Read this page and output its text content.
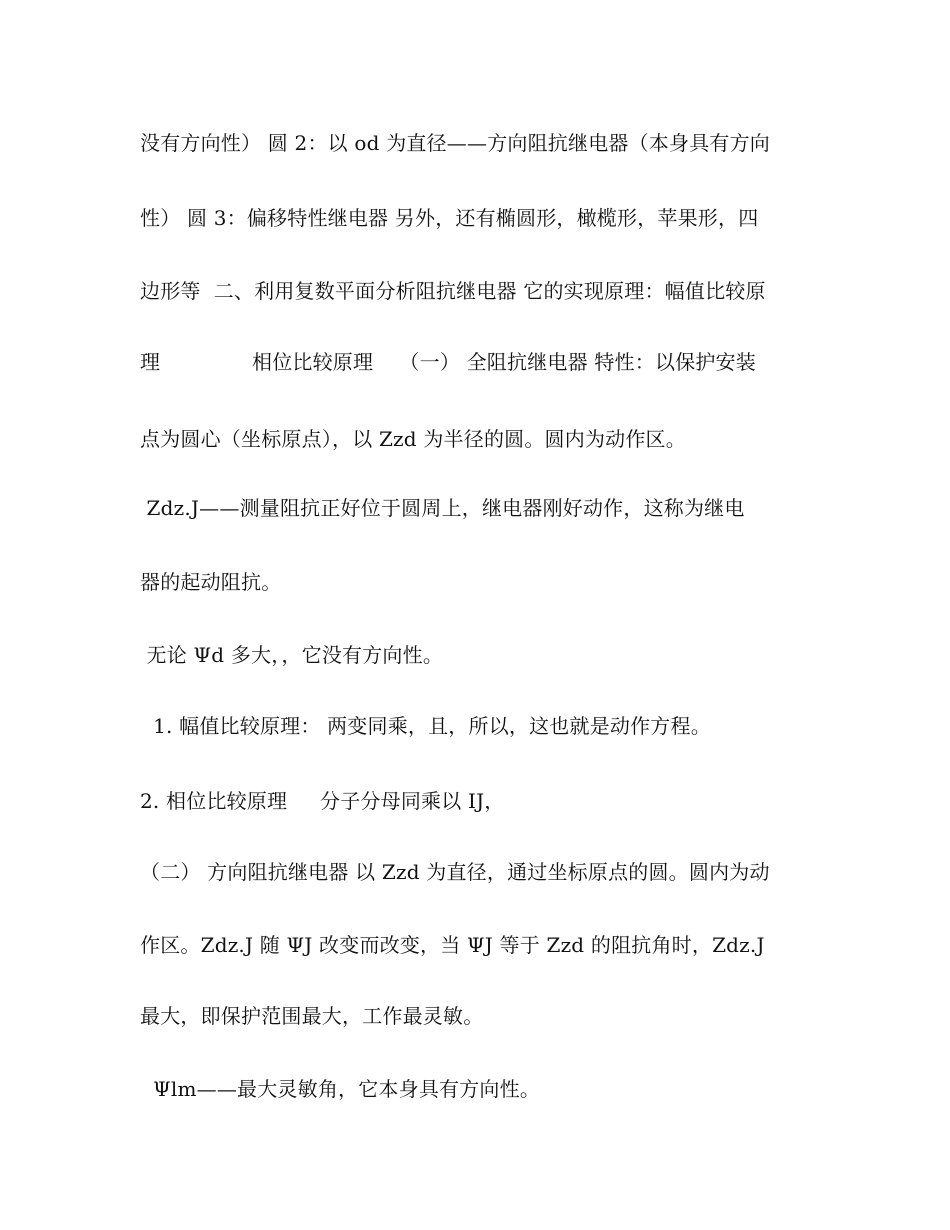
没有方向性） 圆 2：以 od 为直径——方向阻抗继电器（本身具有方向
性） 圆 3：偏移特性继电器 另外，还有椭圆形，橄榄形，苹果形，四
边形等  二、利用复数平面分析阻抗继电器 它的实现原理：幅值比较原
理              相位比较原理    （一） 全阻抗继电器 特性：以保护安装
点为圆心（坐标原点），以 Zzd 为半径的圆。圆内为动作区。
Zdz.J——测量阻抗正好位于圆周上，继电器刚好动作，这称为继电
器的起动阻抗。
无论 Ψd 多大，，它没有方向性。
1. 幅值比较原理： 两变同乘，且，所以，这也就是动作方程。
2. 相位比较原理     分子分母同乘以 IJ，
（二） 方向阻抗继电器 以 Zzd 为直径，通过坐标原点的圆。圆内为动
作区。Zdz.J 随 ΨJ 改变而改变，当 ΨJ 等于 Zzd 的阻抗角时，Zdz.J
最大，即保护范围最大，工作最灵敏。
Ψlm——最大灵敏角，它本身具有方向性。
